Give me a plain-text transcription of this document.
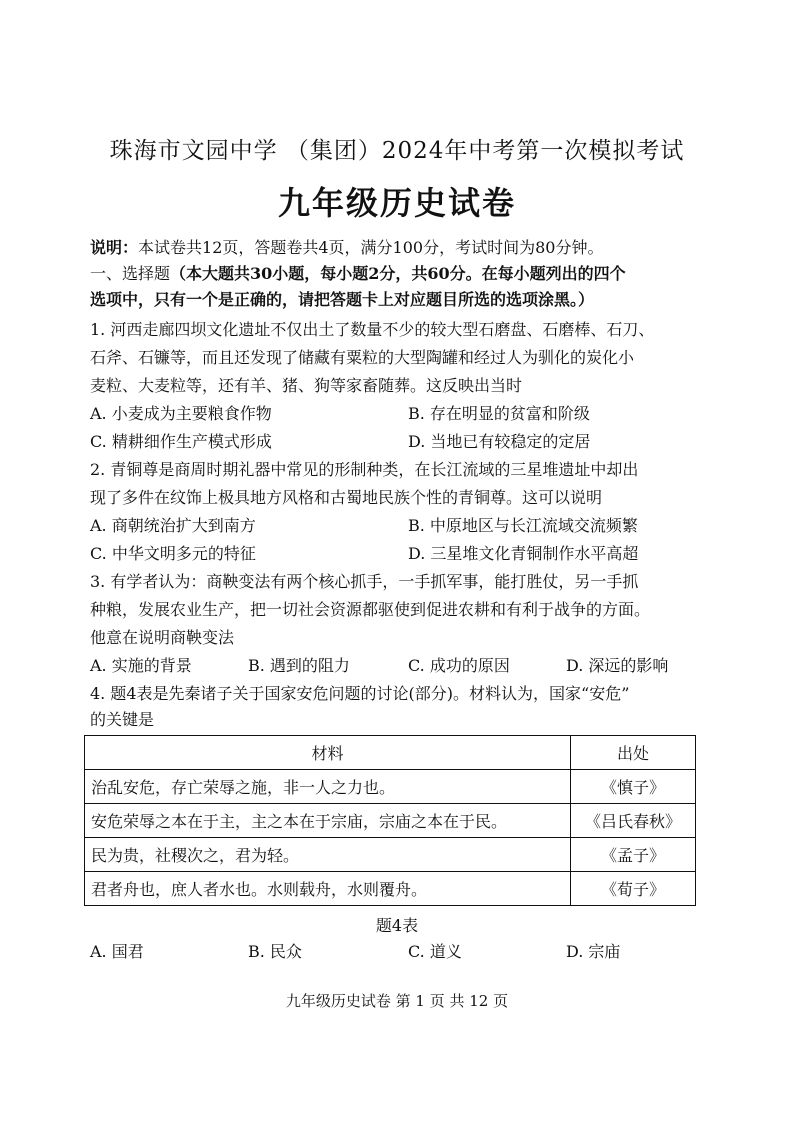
珠海市文园中学 （集团）2024年中考第一次模拟考试
九年级历史试卷
说明：本试卷共12页，答题卷共4页，满分100分，考试时间为80分钟。
一、选择题（本大题共30小题，每小题2分，共60分。在每小题列出的四个
选项中，只有一个是正确的，请把答题卡上对应题目所选的选项涂黑。）
1. 河西走廊四坝文化遗址不仅出土了数量不少的较大型石磨盘、石磨棒、石刀、
石斧、石镰等，而且还发现了储藏有粟粒的大型陶罐和经过人为驯化的炭化小
麦粒、大麦粒等，还有羊、猪、狗等家畜随葬。这反映出当时
A. 小麦成为主要粮食作物	B. 存在明显的贫富和阶级
C. 精耕细作生产模式形成	D. 当地已有较稳定的定居
2. 青铜尊是商周时期礼器中常见的形制种类，在长江流域的三星堆遗址中却出
现了多件在纹饰上极具地方风格和古蜀地民族个性的青铜尊。这可以说明
A. 商朝统治扩大到南方	B. 中原地区与长江流域交流频繁
C. 中华文明多元的特征	D. 三星堆文化青铜制作水平高超
3. 有学者认为：商鞅变法有两个核心抓手，一手抓军事，能打胜仗，另一手抓
种粮，发展农业生产，把一切社会资源都驱使到促进农耕和有利于战争的方面。
他意在说明商鞅变法
A. 实施的背景	B. 遇到的阻力	C. 成功的原因	D. 深远的影响
4. 题4表是先秦诸子关于国家安危问题的讨论(部分)。材料认为，国家“安危”
的关键是
材料	出处
治乱安危，存亡荣辱之施，非一人之力也。	《慎子》
安危荣辱之本在于主，主之本在于宗庙，宗庙之本在于民。	《吕氏春秋》
民为贵，社稷次之，君为轻。	《孟子》
君者舟也，庶人者水也。水则载舟，水则覆舟。	《荀子》
题4表
A. 国君	B. 民众	C. 道义	D. 宗庙
九年级历史试卷 第 1 页 共 12 页
